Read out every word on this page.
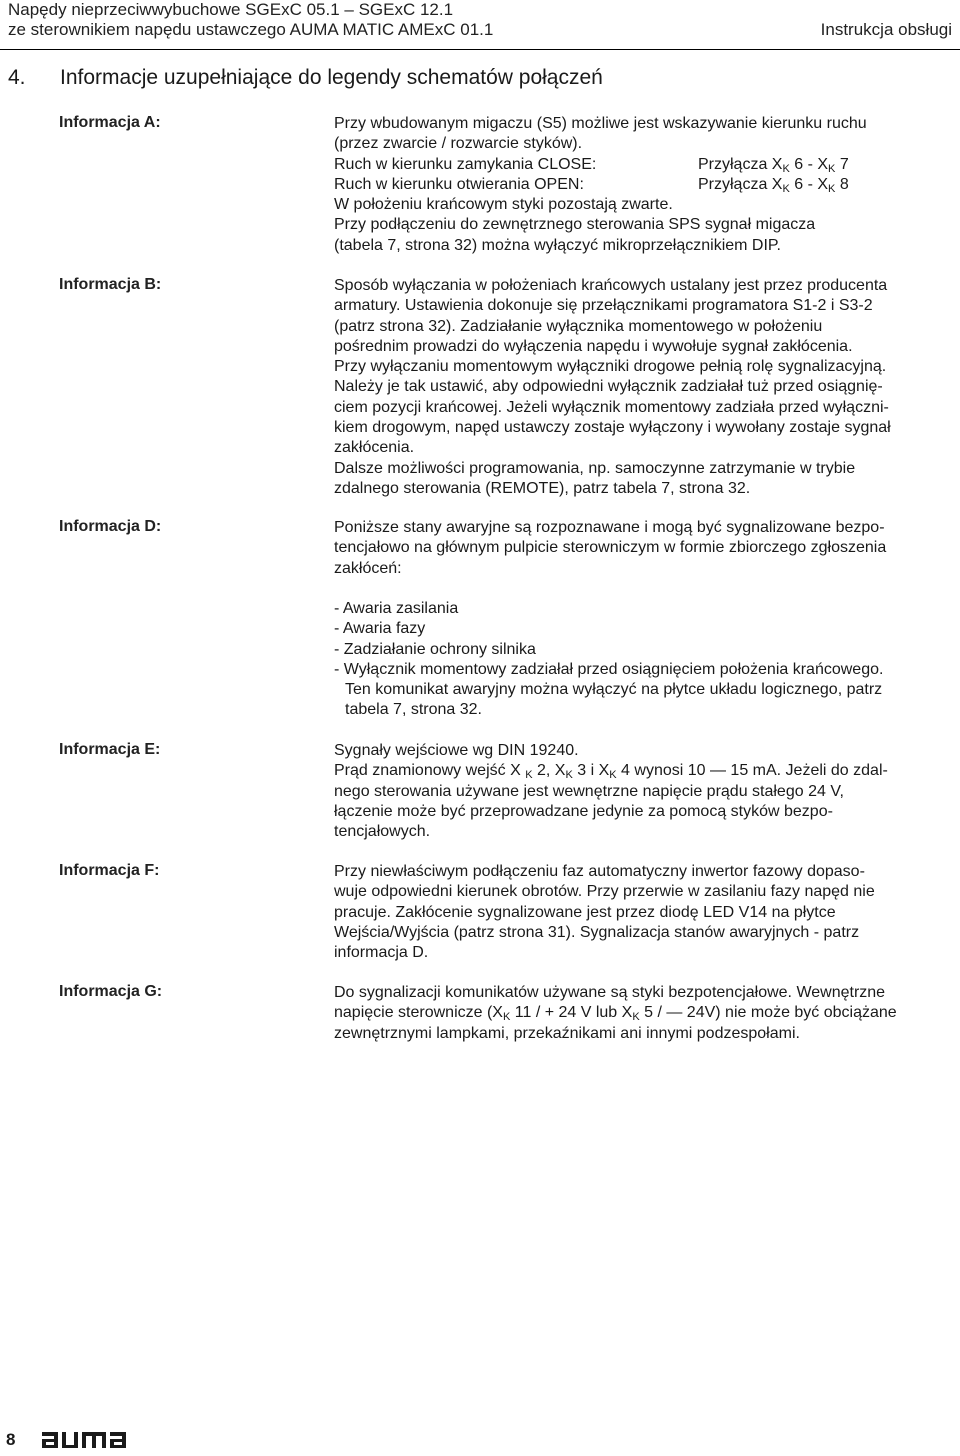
Napędy nieprzeciwwybuchowe SGExC 05.1 – SGExC 12.1
ze sterownikiem napędu ustawczego AUMA MATIC AMExC 01.1	Instrukcja obsługi
4. Informacje uzupełniające do legendy schematów połączeń
Informacja A:	Przy wbudowanym migaczu (S5) możliwe jest wskazywanie kierunku ruchu

(przez zwarcie / rozwarcie styków).

Ruch w kierunku zamykania CLOSE:	Przyłącza $X_K$ $6 - X_K$ 7

Ruch w kierunku otwierania OPEN:	Przyłącza $X_K$ $6 - X_K$ 8

W położeniu krańcowym styki pozostają zwarte.

Przy podłączeniu do zewnętrznego sterowania SPS sygnał migacza

(tabela 7, strona 32) można wyłączyć mikroprzełącznikiem DIP.

Informacja B:	Sposób wyłączania w położeniach krańcowych ustalany jest przez producenta

armatury. Ustawienia dokonuje się przełącznikami programatora S1-2 i S3-2

(patrz strona 32). Zadziałanie wyłącznika momentowego w położeniu

pośrednim prowadzi do wyłączenia napędu i wywołuje sygnał zakłócenia.

Przy wyłączaniu momentowym wyłączniki drogowe pełnią rolę sygnalizacyjną.

Należy je tak ustawić, aby odpowiedni wyłącznik zadziałał tuż przed osiągnię-

ciem pozycji krańcowej. Jeżeli wyłącznik momentowy zadziała przed wyłączni-

kiem drogowym, napęd ustawczy zostaje wyłączony i wywołany zostaje sygnał

zakłócenia.

Dalsze możliwości programowania, np. samoczynne zatrzymanie w trybie

zdalnego sterowania (REMOTE), patrz tabela 7, strona 32.

Informacja D:	Poniższe stany awaryjne są rozpoznawane i mogą być sygnalizowane bezpo-

tencjałowo na głównym pulpicie sterowniczym w formie zbiorczego zgłoszenia

zakłóceń:

- Awaria zasilania

- Awaria fazy

- Zadziałanie ochrony silnika

- Wyłącznik momentowy zadziałał przed osiągnięciem położenia krańcowego.

Ten komunikat awaryjny można wyłączyć na płytce układu logicznego, patrz

tabela 7, strona 32.

Informacja E:	Sygnały wejściowe wg DIN 19240.

Prąd znamionowy wejść X $_K$ 2, $X_K$ 3 i $X_K$ 4 wynosi 10 — 15 mA. Jeżeli do zdal-

nego sterowania używane jest wewnętrzne napięcie prądu stałego 24 V,

łączenie może być przeprowadzane jedynie za pomocą styków bezpo-

tencjałowych.

Informacja F:	Przy niewłaściwym podłączeniu faz automatyczny inwertor fazowy dopaso-

wuje odpowiedni kierunek obrotów. Przy przerwie w zasilaniu fazy napęd nie

pracuje. Zakłócenie sygnalizowane jest przez diodę LED V14 na płytce

Wejścia/Wyjścia (patrz strona 31). Sygnalizacja stanów awaryjnych - patrz

informacja D.

Informacja G:	Do sygnalizacji komunikatów używane są styki bezpotencjałowe. Wewnętrzne

napięcie sterownicze ($X_K$ 11 / + 24 V lub $X_K$ 5 / — 24V) nie może być obciążane

zewnętrznymi lampkami, przekaźnikami ani innymi podzespołami.

8
